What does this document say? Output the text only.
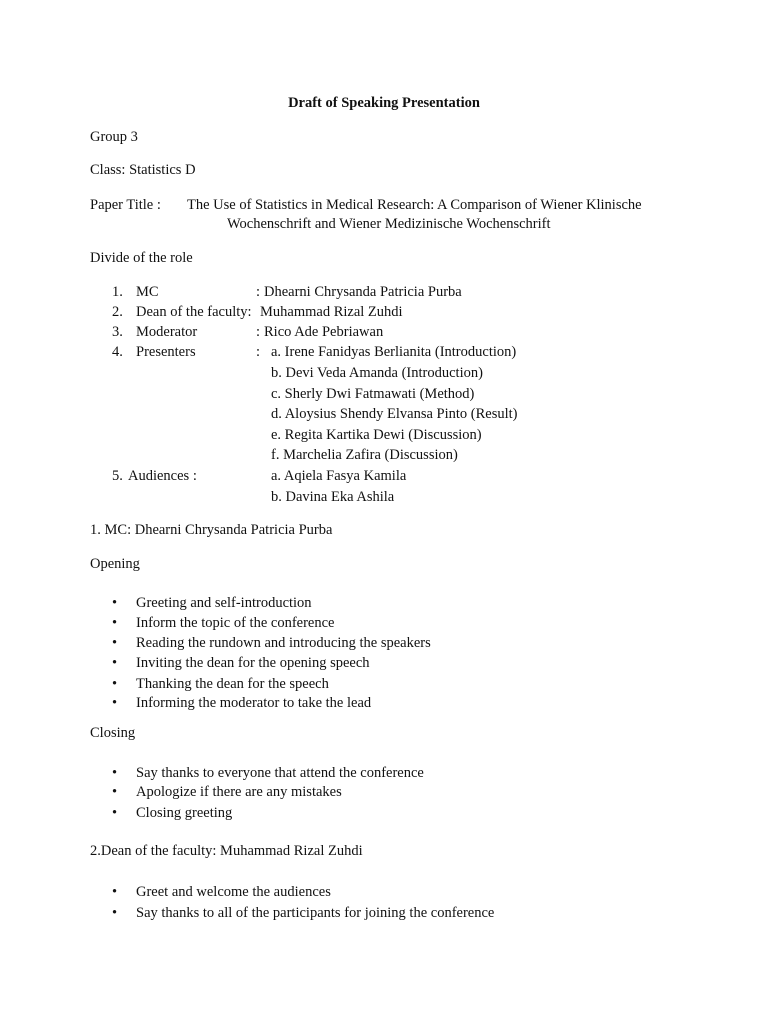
Draft of Speaking Presentation
Group 3
Class: Statistics D
Paper Title : The Use of Statistics in Medical Research: A Comparison of Wiener Klinische
Wochenschrift and Wiener Medizinische Wochenschrift
Divide of the role
1. MC	: Dhearni Chrysanda Patricia Purba
2. Dean of the faculty: Muhammad Rizal Zuhdi
3. Moderator	: Rico Ade Pebriawan
4. Presenters	: a. Irene Fanidyas Berlianita (Introduction)
b. Devi Veda Amanda (Introduction)
c. Sherly Dwi Fatmawati (Method)
d. Aloysius Shendy Elvansa Pinto (Result)
e. Regita Kartika Dewi (Discussion)
f. Marchelia Zafira (Discussion)
5. Audiences :	a. Aqiela Fasya Kamila
b. Davina Eka Ashila
1. MC: Dhearni Chrysanda Patricia Purba
Opening
• Greeting and self-introduction
• Inform the topic of the conference
• Reading the rundown and introducing the speakers
• Inviting the dean for the opening speech
• Thanking the dean for the speech
• Informing the moderator to take the lead
Closing
• Say thanks to everyone that attend the conference
• Apologize if there are any mistakes
• Closing greeting
2.Dean of the faculty: Muhammad Rizal Zuhdi
• Greet and welcome the audiences
• Say thanks to all of the participants for joining the conference
